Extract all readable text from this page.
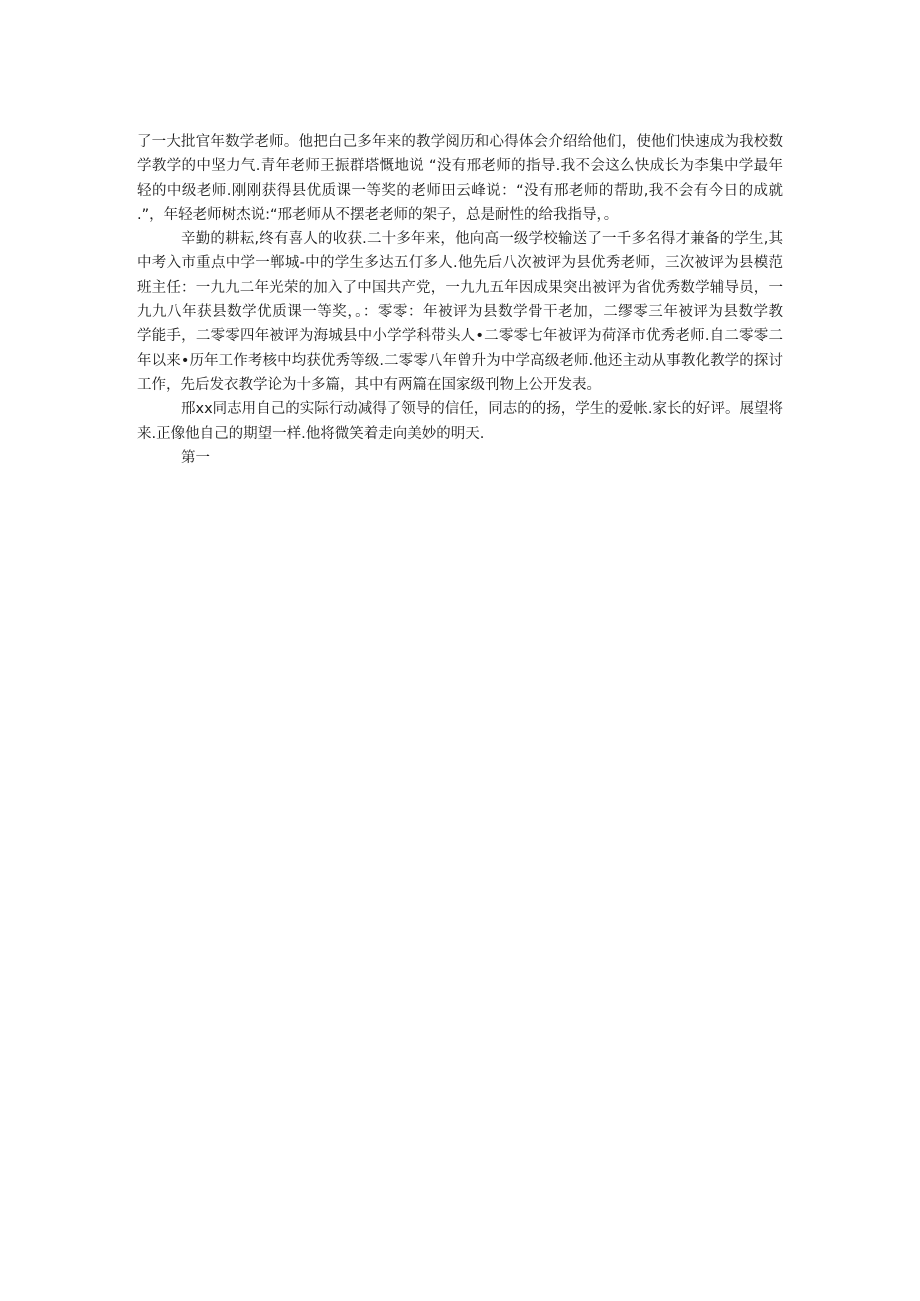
了一大批官年数学老师。他把白己多年来的教学阅历和心得体会介绍给他们，使他们快速成为我校数
学教学的中坚力气.青年老师王振群塔慨地说 “没有邢老师的指导.我不会这么快成长为李集中学最年
轻的中级老师.刚刚获得县优质课一等奖的老师田云峰说：“没有邢老师的帮助,我不会有今日的成就
.”，年轻老师树杰说:“邢老师从不摆老老师的架子，总是耐性的给我指导，。
辛勤的耕耘,终有喜人的收获.二十多年来，他向高一级学校输送了一千多名得才兼备的学生,其
中考入市重点中学一郸城-中的学生多达五仃多人.他先后八次被评为县优秀老师，三次被评为县模范
班主任：一九九二年光荣的加入了中国共产党，一九九五年因成果突出被评为省优秀数学辅导员，一
九九八年获县数学优质课一等奖，。：零零：年被评为县数学骨干老加，二缪零三年被评为县数学教
学能手，二零零四年被评为海城县中小学学科带头人•二零零七年被评为荷泽市优秀老师.自二零零二
年以来•历年工作考核中均获优秀等级.二零零八年曾升为中学高级老师.他还主动从事教化教学的探讨
工作，先后发衣教学论为十多篇，其中有两篇在国家级刊物上公开发表。
邢xx同志用自己的实际行动减得了领导的信任，同志的的扬，学生的爱帐.家长的好评。展望将
来.正像他自己的期望一样.他将微笑着走向美妙的明天.
第一
